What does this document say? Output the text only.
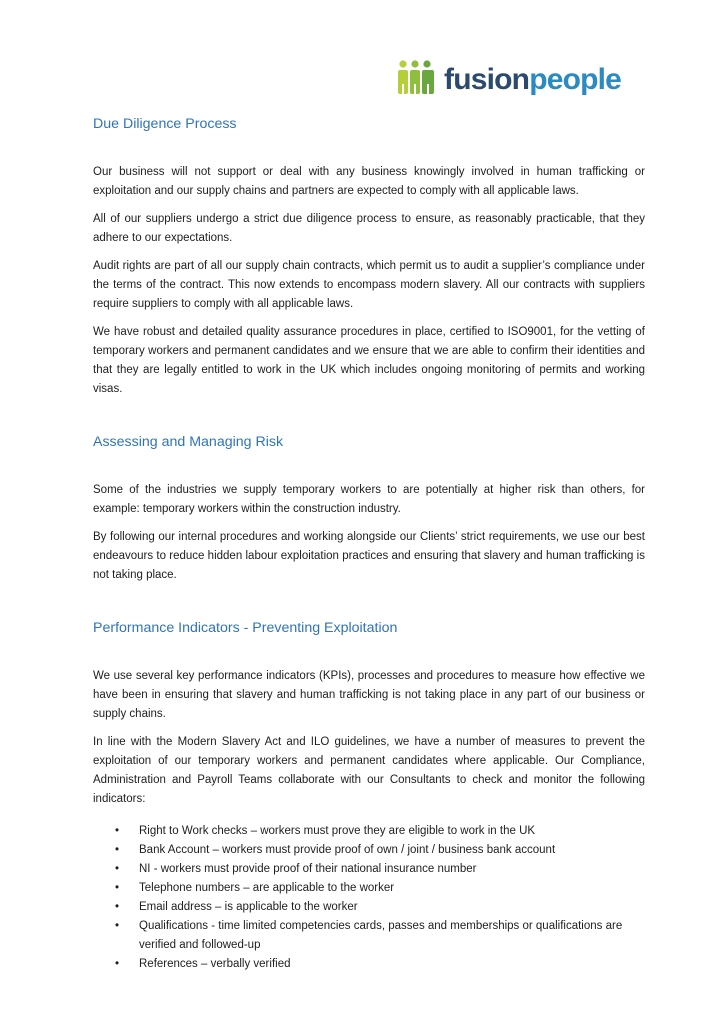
fusionpeople
Due Diligence Process

Our business will not support or deal with any business knowingly involved in human trafficking or exploitation and our supply chains and partners are expected to comply with all applicable laws.

All of our suppliers undergo a strict due diligence process to ensure, as reasonably practicable, that they adhere to our expectations.

Audit rights are part of all our supply chain contracts, which permit us to audit a supplier’s compliance under the terms of the contract. This now extends to encompass modern slavery. All our contracts with suppliers require suppliers to comply with all applicable laws.

We have robust and detailed quality assurance procedures in place, certified to ISO9001, for the vetting of temporary workers and permanent candidates and we ensure that we are able to confirm their identities and that they are legally entitled to work in the UK which includes ongoing monitoring of permits and working visas.

Assessing and Managing Risk

Some of the industries we supply temporary workers to are potentially at higher risk than others, for example: temporary workers within the construction industry.

By following our internal procedures and working alongside our Clients’ strict requirements, we use our best endeavours to reduce hidden labour exploitation practices and ensuring that slavery and human trafficking is not taking place.

Performance Indicators - Preventing Exploitation

We use several key performance indicators (KPIs), processes and procedures to measure how effective we have been in ensuring that slavery and human trafficking is not taking place in any part of our business or supply chains.

In line with the Modern Slavery Act and ILO guidelines, we have a number of measures to prevent the exploitation of our temporary workers and permanent candidates where applicable. Our Compliance, Administration and Payroll Teams collaborate with our Consultants to check and monitor the following indicators:

• Right to Work checks – workers must prove they are eligible to work in the UK
• Bank Account – workers must provide proof of own / joint / business bank account
• NI - workers must provide proof of their national insurance number
• Telephone numbers – are applicable to the worker
• Email address – is applicable to the worker
• Qualifications - time limited competencies cards, passes and memberships or qualifications are verified and followed-up
• References – verbally verified
